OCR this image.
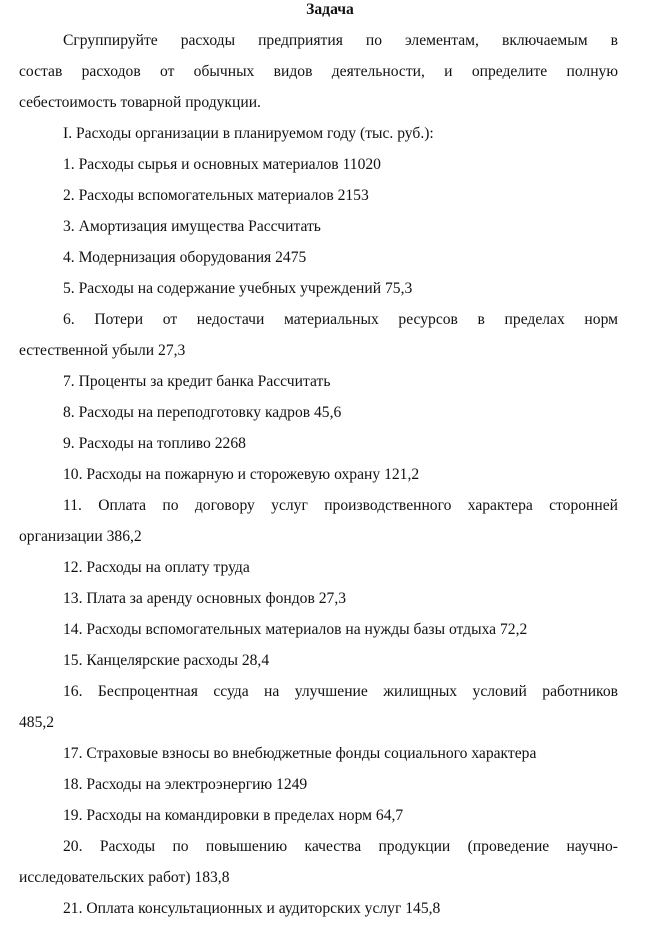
Задача
Сгруппируйте расходы предприятия по элементам, включаемым в
состав расходов от обычных видов деятельности, и определите полную
себестоимость товарной продукции.
I. Расходы организации в планируемом году (тыс. руб.):
1. Расходы сырья и основных материалов 11020
2. Расходы вспомогательных материалов 2153
3. Амортизация имущества Рассчитать
4. Модернизация оборудования 2475
5. Расходы на содержание учебных учреждений 75,3
6. Потери от недостачи материальных ресурсов в пределах норм
естественной убыли 27,3
7. Проценты за кредит банка Рассчитать
8. Расходы на переподготовку кадров 45,6
9. Расходы на топливо 2268
10. Расходы на пожарную и сторожевую охрану 121,2
11. Оплата по договору услуг производственного характера сторонней
организации 386,2
12. Расходы на оплату труда
13. Плата за аренду основных фондов 27,3
14. Расходы вспомогательных материалов на нужды базы отдыха 72,2
15. Канцелярские расходы 28,4
16. Беспроцентная ссуда на улучшение жилищных условий работников
485,2
17. Страховые взносы во внебюджетные фонды социального характера
18. Расходы на электроэнергию 1249
19. Расходы на командировки в пределах норм 64,7
20. Расходы по повышению качества продукции (проведение научно-
исследовательских работ) 183,8
21. Оплата консультационных и аудиторских услуг 145,8
